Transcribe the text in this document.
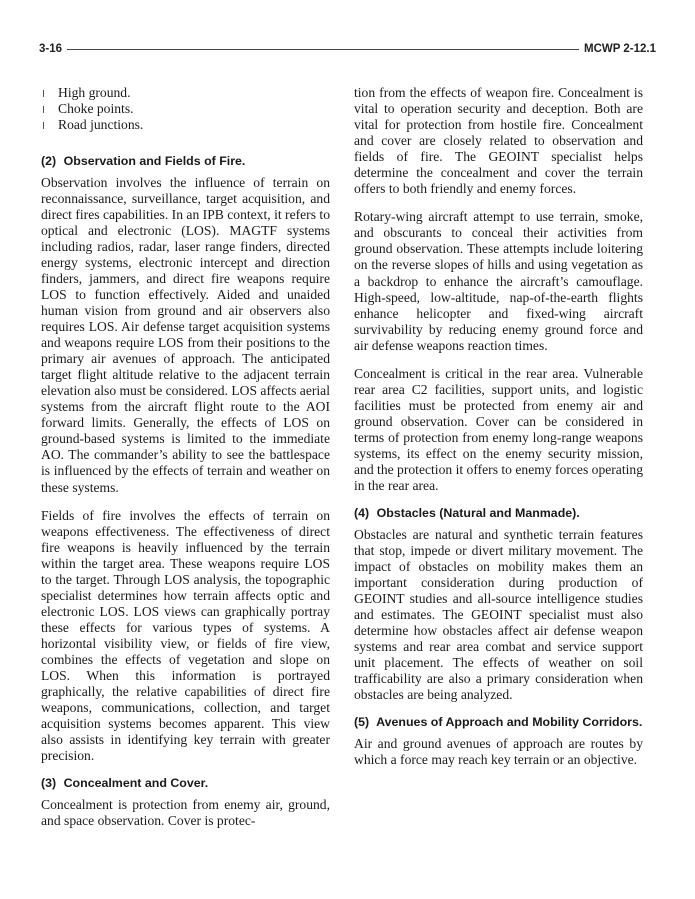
3-16	MCWP 2-12.1
High ground.
Choke points.
Road junctions.
(2) Observation and Fields of Fire.

Observation involves the influence of terrain on reconnaissance, surveillance, target acquisition, and direct fires capabilities. In an IPB context, it refers to optical and electronic (LOS). MAGTF systems including radios, radar, laser range finders, directed energy systems, electronic intercept and direction finders, jammers, and direct fire weapons require LOS to function effectively. Aided and unaided human vision from ground and air observers also requires LOS. Air defense target acquisition systems and weapons require LOS from their positions to the primary air avenues of approach. The anticipated target flight altitude relative to the adjacent terrain elevation also must be considered. LOS affects aerial systems from the aircraft flight route to the AOI forward limits. Generally, the effects of LOS on ground-based systems is limited to the immediate AO. The commander’s ability to see the battlespace is influenced by the effects of terrain and weather on these systems.

Fields of fire involves the effects of terrain on weapons effectiveness. The effectiveness of direct fire weapons is heavily influenced by the terrain within the target area. These weapons require LOS to the target. Through LOS analysis, the topographic specialist determines how terrain affects optic and electronic LOS. LOS views can graphically portray these effects for various types of systems. A horizontal visibility view, or fields of fire view, combines the effects of vegetation and slope on LOS. When this information is portrayed graphically, the relative capabilities of direct fire weapons, communications, collection, and target acquisition systems becomes apparent. This view also assists in identifying key terrain with greater precision.

(3) Concealment and Cover.

Concealment is protection from enemy air, ground, and space observation. Cover is protec-

tion from the effects of weapon fire. Concealment is vital to operation security and deception. Both are vital for protection from hostile fire. Concealment and cover are closely related to observation and fields of fire. The GEOINT specialist helps determine the concealment and cover the terrain offers to both friendly and enemy forces.

Rotary-wing aircraft attempt to use terrain, smoke, and obscurants to conceal their activities from ground observation. These attempts include loitering on the reverse slopes of hills and using vegetation as a backdrop to enhance the aircraft’s camouflage. High-speed, low-altitude, nap-of-the-earth flights enhance helicopter and fixed-wing aircraft survivability by reducing enemy ground force and air defense weapons reaction times.

Concealment is critical in the rear area. Vulnerable rear area C2 facilities, support units, and logistic facilities must be protected from enemy air and ground observation. Cover can be considered in terms of protection from enemy long-range weapons systems, its effect on the enemy security mission, and the protection it offers to enemy forces operating in the rear area.

(4) Obstacles (Natural and Manmade).

Obstacles are natural and synthetic terrain features that stop, impede or divert military movement. The impact of obstacles on mobility makes them an important consideration during production of GEOINT studies and all-source intelligence studies and estimates. The GEOINT specialist must also determine how obstacles affect air defense weapon systems and rear area combat and service support unit placement. The effects of weather on soil trafficability are also a primary consideration when obstacles are being analyzed.

(5) Avenues of Approach and Mobility Corridors.

Air and ground avenues of approach are routes by which a force may reach key terrain or an objective.
